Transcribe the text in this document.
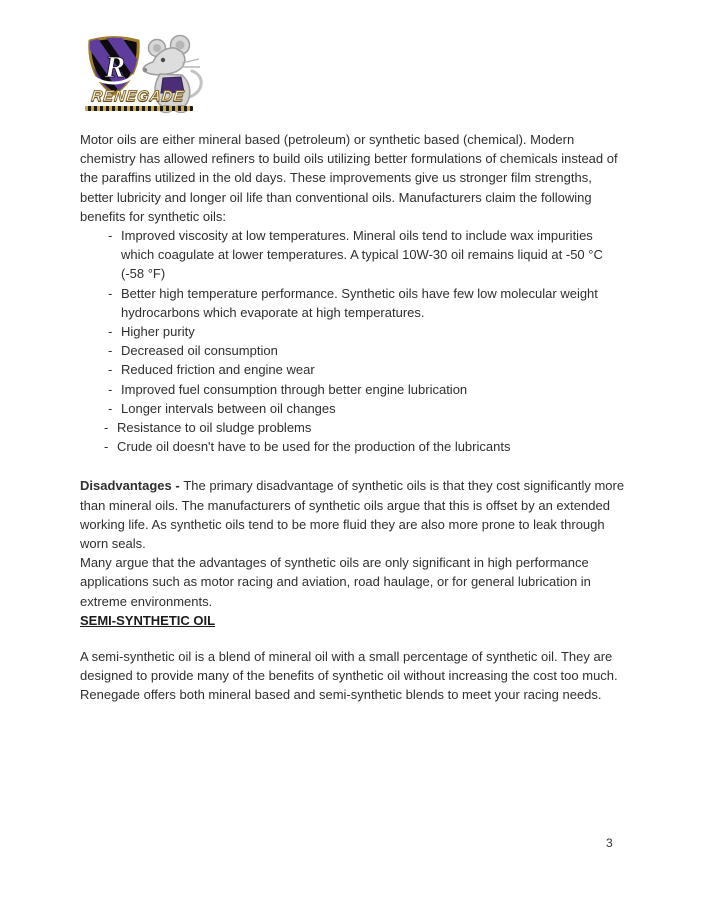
R
RENEGADE

Motor oils are either mineral based (petroleum) or synthetic based (chemical). Modern chemistry has allowed refiners to build oils utilizing better formulations of chemicals instead of the paraffins utilized in the old days. These improvements give us stronger film strengths, better lubricity and longer oil life than conventional oils. Manufacturers claim the following benefits for synthetic oils:

- Improved viscosity at low temperatures. Mineral oils tend to include wax impurities which coagulate at lower temperatures. A typical 10W-30 oil remains liquid at -50 °C (-58 °F)
- Better high temperature performance. Synthetic oils have few low molecular weight hydrocarbons which evaporate at high temperatures.
- Higher purity
- Decreased oil consumption
- Reduced friction and engine wear
- Improved fuel consumption through better engine lubrication
- Longer intervals between oil changes
- Resistance to oil sludge problems
- Crude oil doesn't have to be used for the production of the lubricants

Disadvantages - The primary disadvantage of synthetic oils is that they cost significantly more than mineral oils. The manufacturers of synthetic oils argue that this is offset by an extended working life. As synthetic oils tend to be more fluid they are also more prone to leak through worn seals.

Many argue that the advantages of synthetic oils are only significant in high performance applications such as motor racing and aviation, road haulage, or for general lubrication in extreme environments.

SEMI-SYNTHETIC OIL

A semi-synthetic oil is a blend of mineral oil with a small percentage of synthetic oil. They are designed to provide many of the benefits of synthetic oil without increasing the cost too much.

Renegade offers both mineral based and semi-synthetic blends to meet your racing needs.

3
